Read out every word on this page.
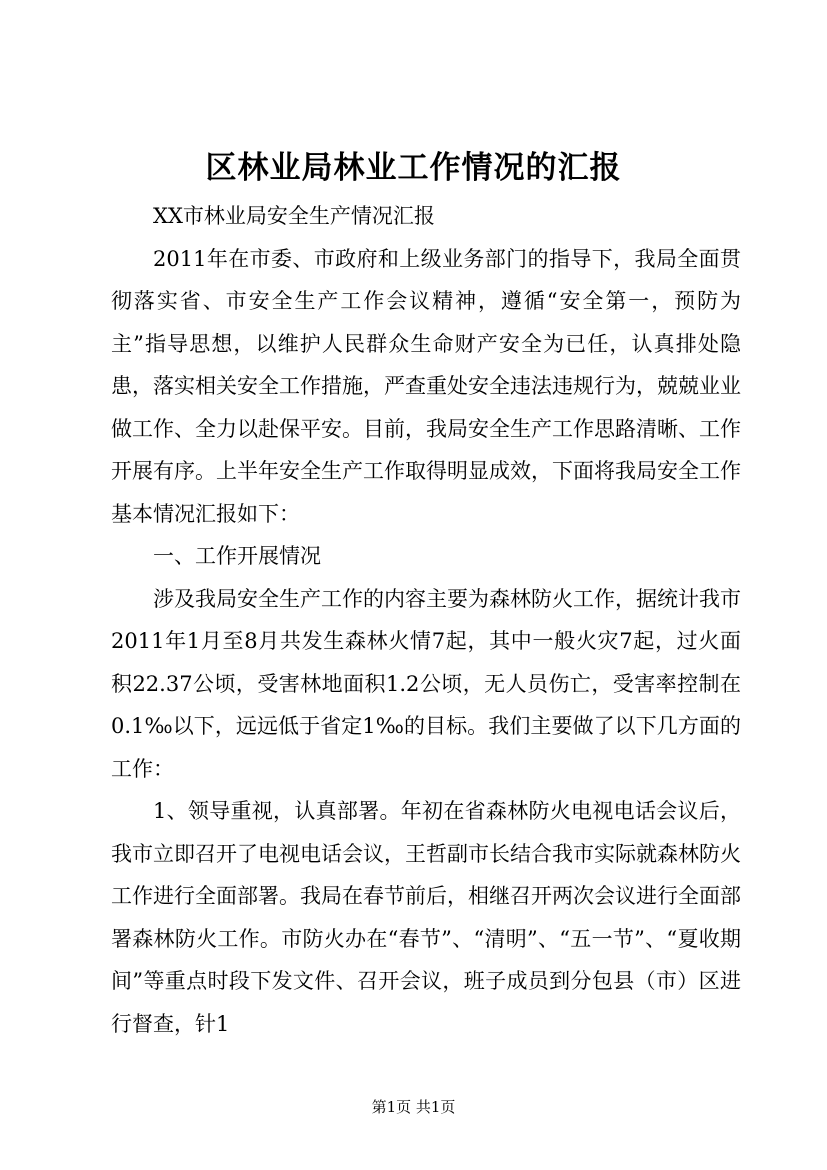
区林业局林业工作情况的汇报

XX市林业局安全生产情况汇报

2011年在市委、市政府和上级业务部门的指导下，我局全面贯彻落实省、市安全生产工作会议精神，遵循“安全第一，预防为主”指导思想，以维护人民群众生命财产安全为已任，认真排处隐患，落实相关安全工作措施，严查重处安全违法违规行为，兢兢业业做工作、全力以赴保平安。目前，我局安全生产工作思路清晰、工作开展有序。上半年安全生产工作取得明显成效，下面将我局安全工作基本情况汇报如下：

一、工作开展情况

涉及我局安全生产工作的内容主要为森林防火工作，据统计我市2011年1月至8月共发生森林火情7起，其中一般火灾7起，过火面积22.37公顷，受害林地面积1.2公顷，无人员伤亡，受害率控制在0.1‰以下，远远低于省定1‰的目标。我们主要做了以下几方面的工作：

1、领导重视，认真部署。年初在省森林防火电视电话会议后，我市立即召开了电视电话会议，王哲副市长结合我市实际就森林防火工作进行全面部署。我局在春节前后，相继召开两次会议进行全面部署森林防火工作。市防火办在“春节”、“清明”、“五一节”、“夏收期间”等重点时段下发文件、召开会议，班子成员到分包县（市）区进行督查，针1

第1页 共1页
